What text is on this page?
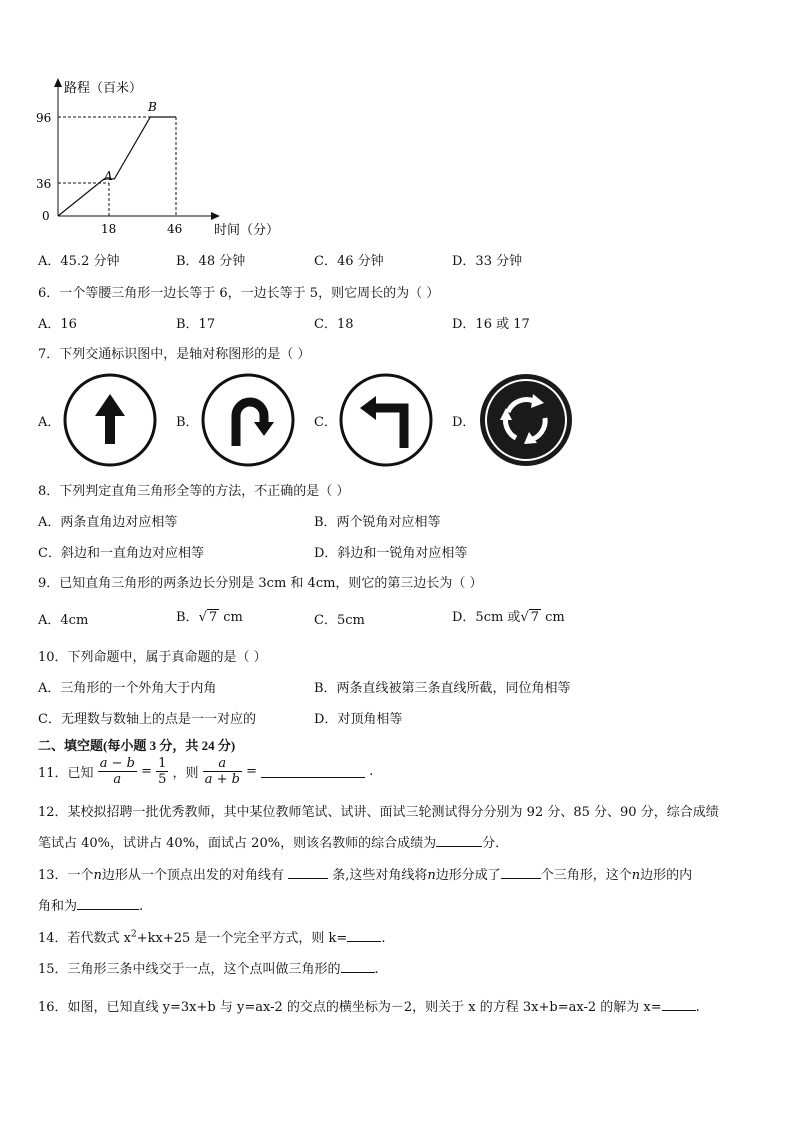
路程（百米）
96
36
0
18	46 时间（分）
A
B
A．45.2 分钟	B．48 分钟	C．46 分钟	D．33 分钟
6．一个等腰三角形一边长等于 6，一边长等于 5，则它周长的为（ ）
A．16	B．17	C．18	D．16 或 17
7．下列交通标识图中，是轴对称图形的是（ ）
A．	B．	C．	D．
8．下列判定直角三角形全等的方法，不正确的是（ ）
A．两条直角边对应相等	B．两个锐角对应相等
C．斜边和一直角边对应相等	D．斜边和一锐角对应相等
9．已知直角三角形的两条边长分别是 3cm 和 4cm，则它的第三边长为（ ）
A．4cm	B．√ 7 cm	C．5cm	D．5cm 或√ 7 cm
10．下列命题中，属于真命题的是（ ）
A．三角形的一个外角大于内角	B．两条直线被第三条直线所截，同位角相等
C．无理数与数轴上的点是一一对应的	D．对顶角相等
二、填空题(每小题 3 分，共 24 分)
11．已知 $\frac{a - b}{a} = \frac{1}{5}$ ，则 $\frac{a}{a + b}$ =	.
12．某校拟招聘一批优秀教师，其中某位教师笔试、试讲、面试三轮测试得分分别为 92 分、85 分、90 分，综合成绩
笔试占 40%，试讲占 40%，面试占 20%，则该名教师的综合成绩为	分．
13．一个n边形从一个顶点出发的对角线有	条,这些对角线将n边形分成了	个三角形，这个n边形的内
角和为	.
14．若代数式 $x^2+kx+25$ 是一个完全平方式，则 k=	.
15．三角形三条中线交于一点，这个点叫做三角形的	.
16．如图，已知直线 y=3x+b 与 y=ax-2 的交点的横坐标为－2，则关于 x 的方程 3x+b=ax-2 的解为 x=	.
